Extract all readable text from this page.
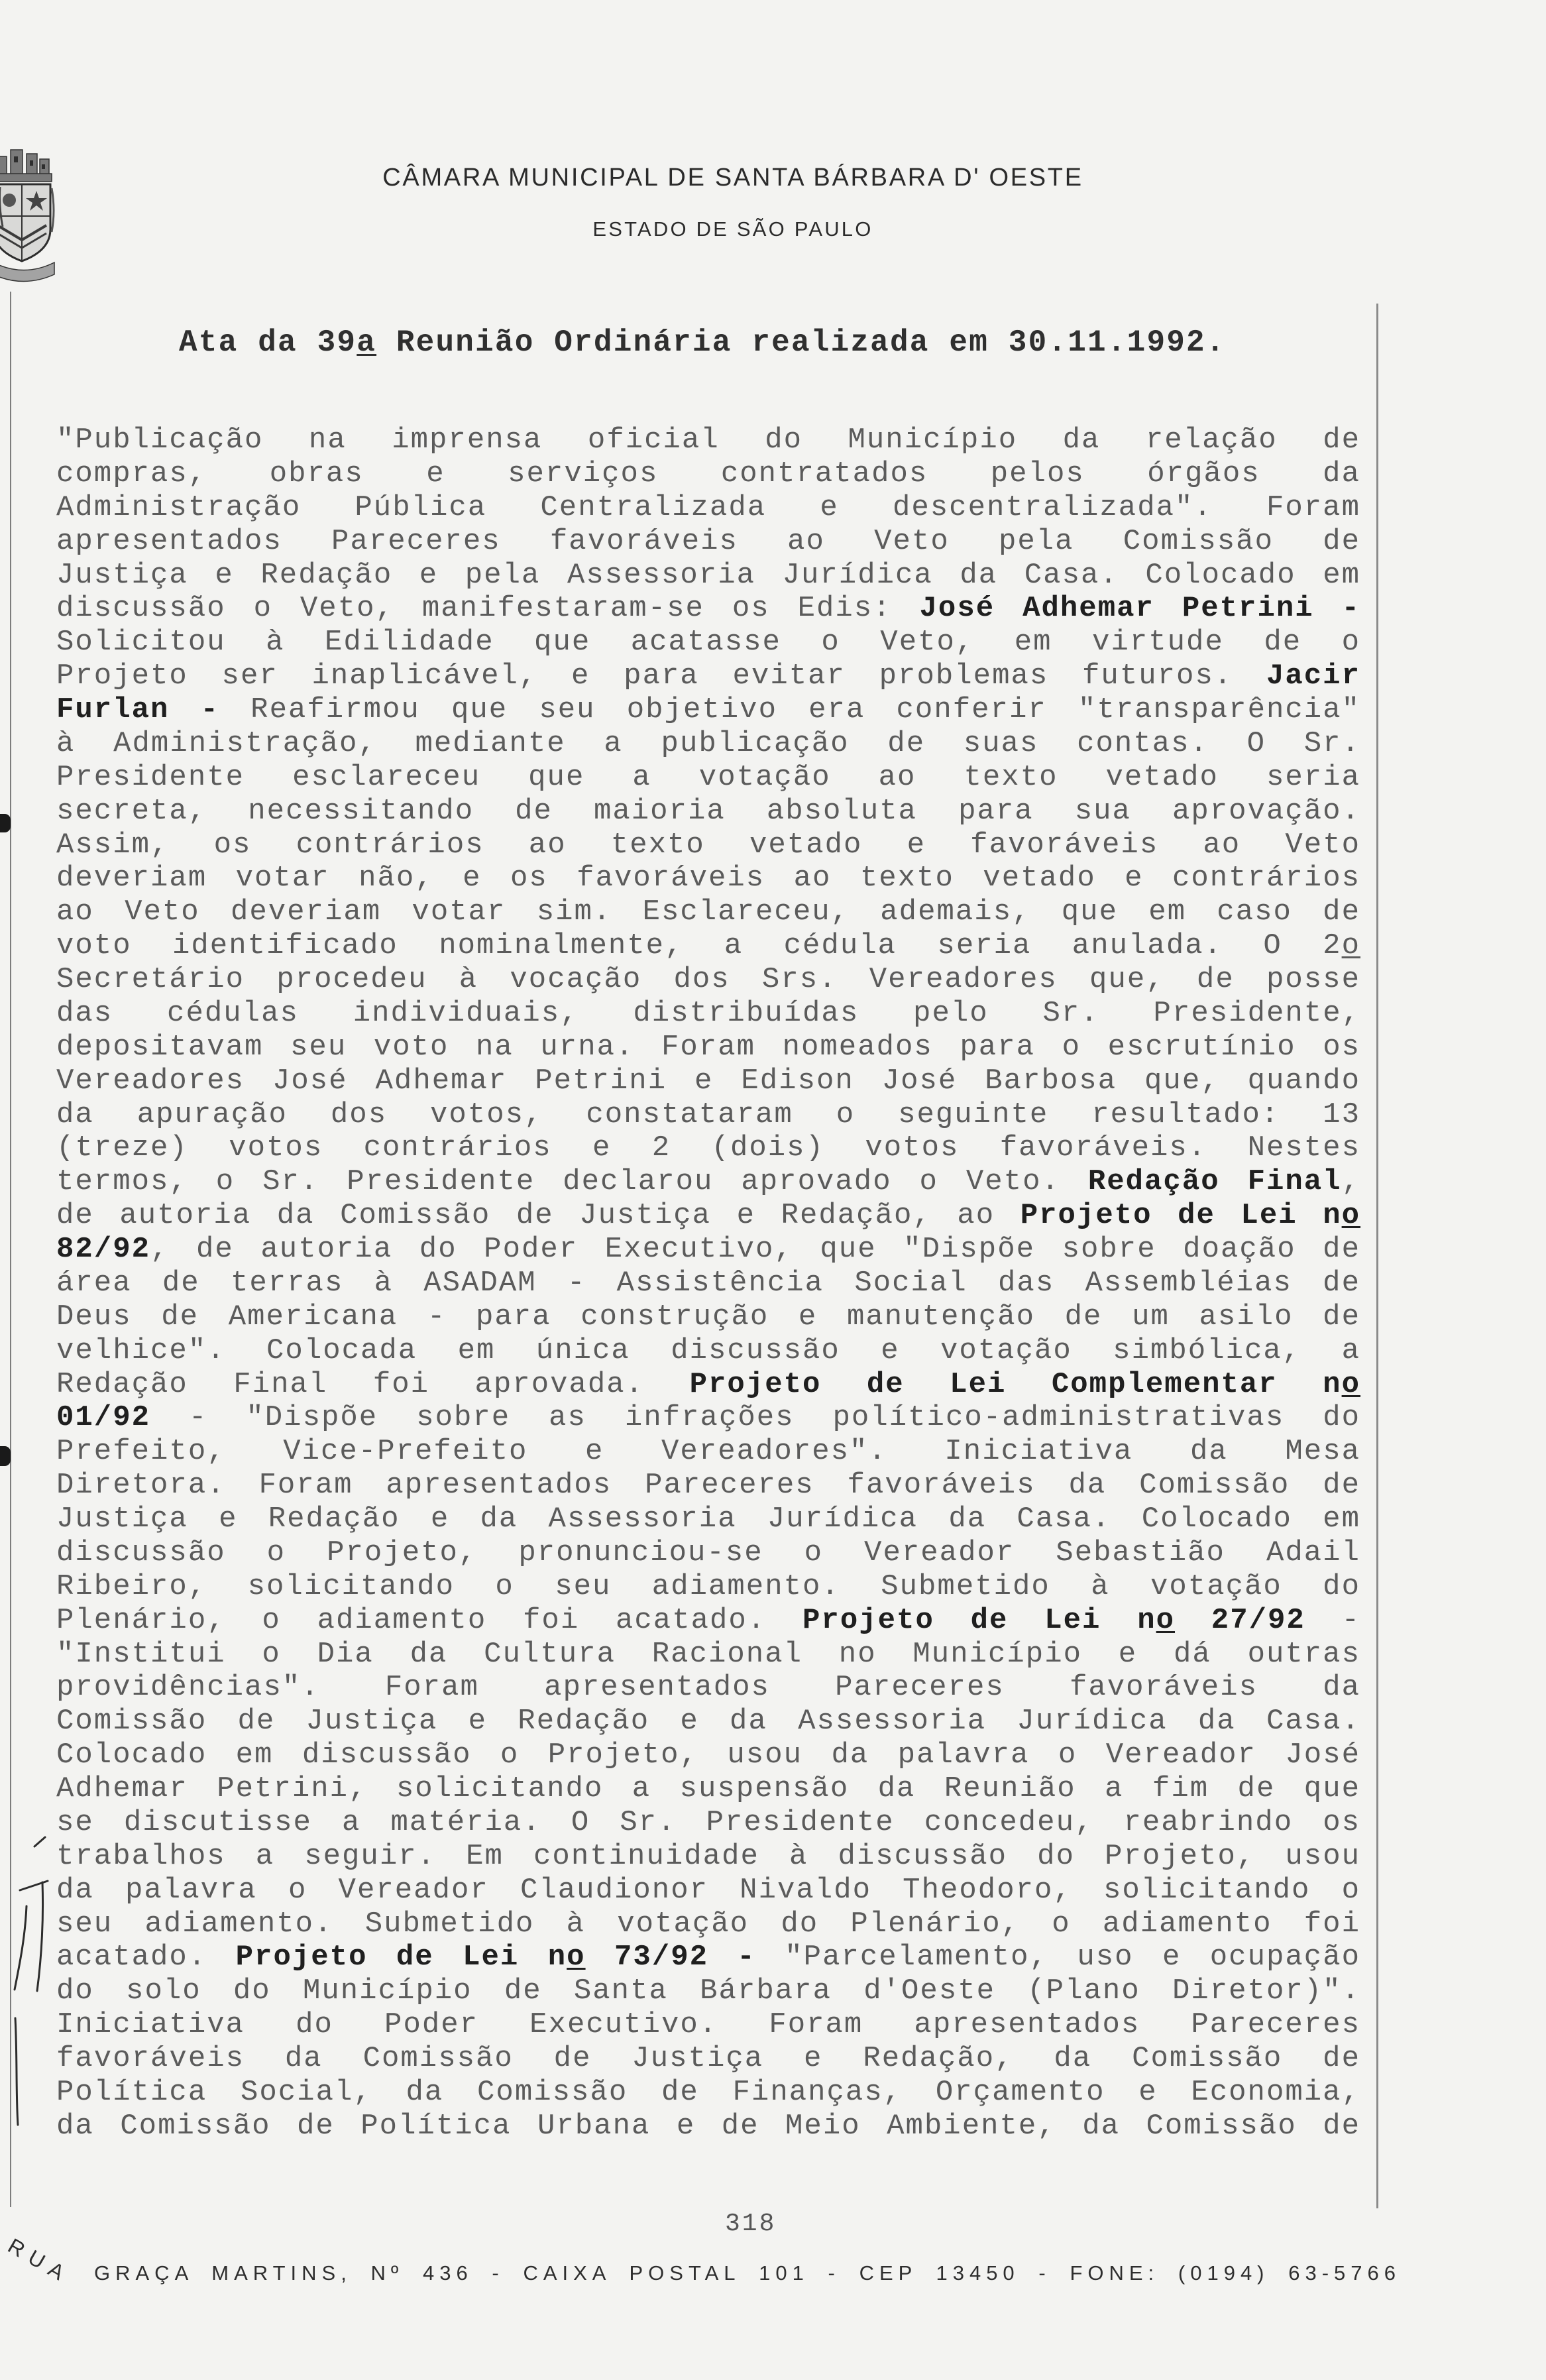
CÂMARA MUNICIPAL DE SANTA BÁRBARA D' OESTE
ESTADO DE SÃO PAULO
Ata da 39a Reunião Ordinária realizada em 30.11.1992.
"Publicação na imprensa oficial do Município da relação de
compras, obras e serviços contratados pelos órgãos da
Administração Pública Centralizada e descentralizada". Foram
apresentados Pareceres favoráveis ao Veto pela Comissão de
Justiça e Redação e pela Assessoria Jurídica da Casa. Colocado em
discussão o Veto, manifestaram-se os Edis: José Adhemar Petrini -
Solicitou à Edilidade que acatasse o Veto, em virtude de o
Projeto ser inaplicável, e para evitar problemas futuros. Jacir
Furlan - Reafirmou que seu objetivo era conferir "transparência"
à Administração, mediante a publicação de suas contas. O Sr.
Presidente esclareceu que a votação ao texto vetado seria
secreta, necessitando de maioria absoluta para sua aprovação.
Assim, os contrários ao texto vetado e favoráveis ao Veto
deveriam votar não, e os favoráveis ao texto vetado e contrários
ao Veto deveriam votar sim. Esclareceu, ademais, que em caso de
voto identificado nominalmente, a cédula seria anulada. O 2o
Secretário procedeu à vocação dos Srs. Vereadores que, de posse
das cédulas individuais, distribuídas pelo Sr. Presidente,
depositavam seu voto na urna. Foram nomeados para o escrutínio os
Vereadores José Adhemar Petrini e Edison José Barbosa que, quando
da apuração dos votos, constataram o seguinte resultado: 13
(treze) votos contrários e 2 (dois) votos favoráveis. Nestes
termos, o Sr. Presidente declarou aprovado o Veto. Redação Final,
de autoria da Comissão de Justiça e Redação, ao Projeto de Lei no
82/92, de autoria do Poder Executivo, que "Dispõe sobre doação de
área de terras à ASADAM - Assistência Social das Assembléias de
Deus de Americana - para construção e manutenção de um asilo de
velhice". Colocada em única discussão e votação simbólica, a
Redação Final foi aprovada. Projeto de Lei Complementar no
01/92 - "Dispõe sobre as infrações político-administrativas do
Prefeito, Vice-Prefeito e Vereadores". Iniciativa da Mesa
Diretora. Foram apresentados Pareceres favoráveis da Comissão de
Justiça e Redação e da Assessoria Jurídica da Casa. Colocado em
discussão o Projeto, pronunciou-se o Vereador Sebastião Adail
Ribeiro, solicitando o seu adiamento. Submetido à votação do
Plenário, o adiamento foi acatado. Projeto de Lei no 27/92 -
"Institui o Dia da Cultura Racional no Município e dá outras
providências". Foram apresentados Pareceres favoráveis da
Comissão de Justiça e Redação e da Assessoria Jurídica da Casa.
Colocado em discussão o Projeto, usou da palavra o Vereador José
Adhemar Petrini, solicitando a suspensão da Reunião a fim de que
se discutisse a matéria. O Sr. Presidente concedeu, reabrindo os
trabalhos a seguir. Em continuidade à discussão do Projeto, usou
da palavra o Vereador Claudionor Nivaldo Theodoro, solicitando o
seu adiamento. Submetido à votação do Plenário, o adiamento foi
acatado. Projeto de Lei no 73/92 - "Parcelamento, uso e ocupação
do solo do Município de Santa Bárbara d'Oeste (Plano Diretor)".
Iniciativa do Poder Executivo. Foram apresentados Pareceres
favoráveis da Comissão de Justiça e Redação, da Comissão de
Política Social, da Comissão de Finanças, Orçamento e Economia,
da Comissão de Política Urbana e de Meio Ambiente, da Comissão de
318
RUA GRAÇA MARTINS, Nº 436 - CAIXA POSTAL 101 - CEP 13450 - FONE: (0194) 63-5766
